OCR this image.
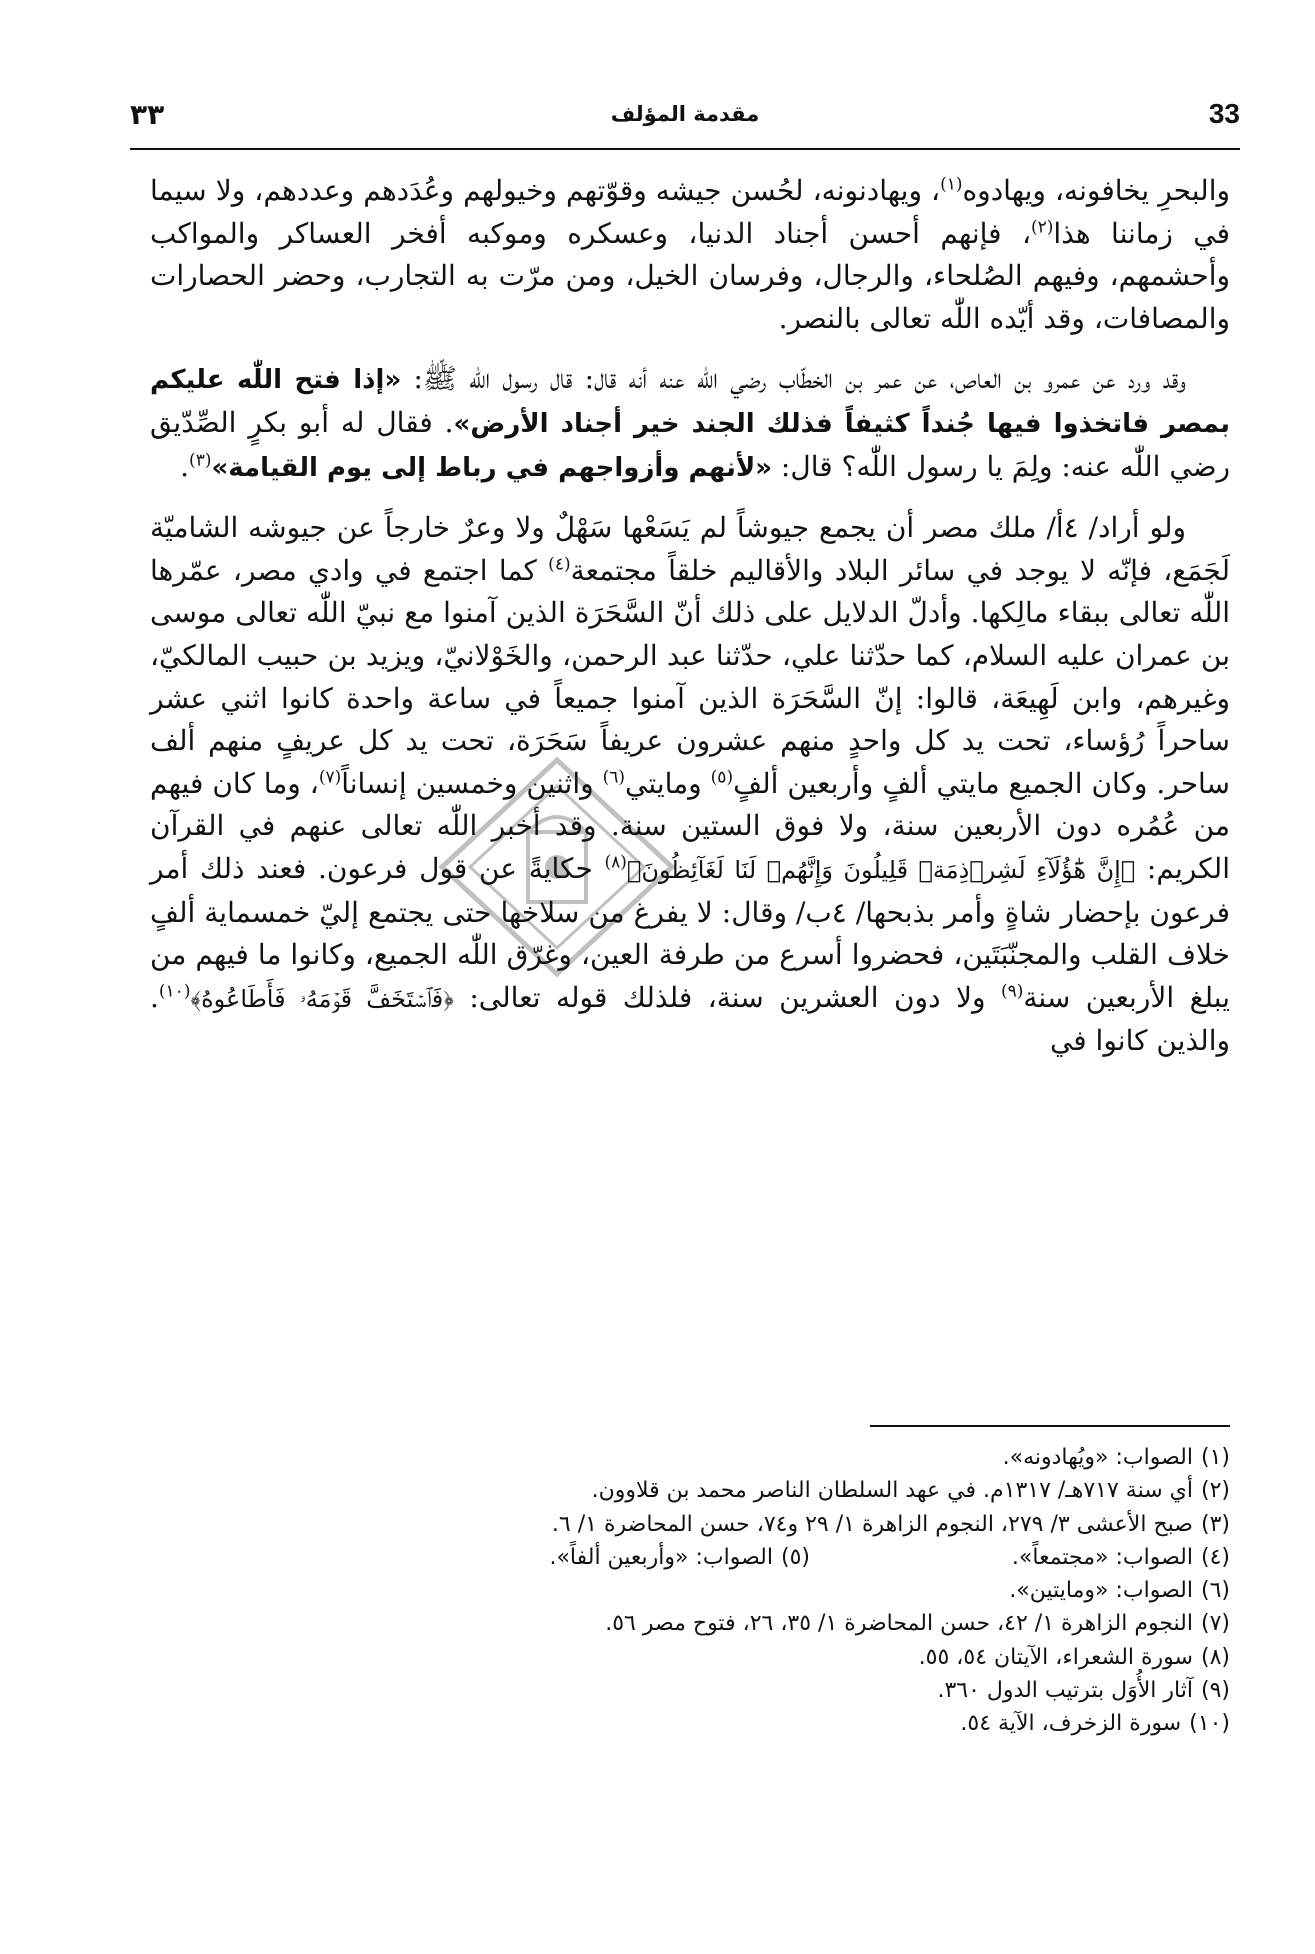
٣٣	مقدمة المؤلف	33

والبحرِ يخافونه، ويهادوه$^{(١)}$، ويهادنونه، لحُسن جيشه وقوّتهم وخيولهم وعُدَدهم وعددهم، ولا سيما في زماننا هذا$^{(٢)}$، فإنهم أحسن أجناد الدنيا، وعسكره وموكبه أفخر العساكر والمواكب وأحشمهم، وفيهم الصُلحاء، والرجال، وفرسان الخيل، ومن مرّت به التجارب، وحضر الحصارات والمصافات، وقد أيّده اللّٰه تعالى بالنصر.

وقد ورد عن عمرو بن العاص، عن عمر بن الخطّاب رضي اللّٰه عنه أنه قال: قال رسول اللّٰه ﷺ: «إذا فتح اللّٰه عليكم بمصر فاتخذوا فيها جُنداً كثيفاً فذلك الجند خير أجناد الأرض». فقال له أبو بكرٍ الصِّدّيق رضي اللّٰه عنه: ولِمَ يا رسول اللّٰه؟ قال: «لأنهم وأزواجهم في رباط إلى يوم القيامة»$^{(٣)}$.

ولو أراد/ ٤أ/ ملك مصر أن يجمع جيوشاً لم يَسَعْها سَهْلٌ ولا وعرٌ خارجاً عن جيوشه الشاميّة لَجَمَع، فإنّه لا يوجد في سائر البلاد والأقاليم خلقاً مجتمعة$^{(٤)}$ كما اجتمع في وادي مصر، عمّرها اللّٰه تعالى ببقاء مالِكها. وأدلّ الدلايل على ذلك أنّ السَّحَرَة الذين آمنوا مع نبيّ اللّٰه تعالى موسى بن عمران عليه السلام، كما حدّثنا علي، حدّثنا عبد الرحمن، والخَوْلانيّ، ويزيد بن حبيب المالكيّ، وغيرهم، وابن لَهِيعَة، قالوا: إنّ السَّحَرَة الذين آمنوا جميعاً في ساعة واحدة كانوا اثني عشر ساحراً رُؤساء، تحت يد كل واحدٍ منهم عشرون عريفاً سَحَرَة، تحت يد كل عريفٍ منهم ألف ساحر. وكان الجميع مايتي ألفٍ وأربعين ألفٍ$^{(٥)}$ ومايتي$^{(٦)}$ واثنين وخمسين إنساناً$^{(٧)}$، وما كان فيهم من عُمُره دون الأربعين سنة، ولا فوق الستين سنة. وقد أخبر اللّٰه تعالى عنهم في القرآن الكريم: ﴿إِنَّ هَٰٓؤُلَآءِ لَشِرۡذِمَةٞ قَلِيلُونَ وَإِنَّهُمۡ لَنَا لَغَآئِظُونَ﴾$^{(٨)}$ حكايةً عن قول فرعون. فعند ذلك أمر فرعون بإحضار شاةٍ وأمر بذبحها/ ٤ب/ وقال: لا يفرغ من سلاخها حتى يجتمع إليّ خمسماية ألفٍ خلاف القلب والمجنّبَتَين، فحضروا أسرع من طرفة العين، وغرّق اللّٰه الجميع، وكانوا ما فيهم من يبلغ الأربعين سنة$^{(٩)}$ ولا دون العشرين سنة، فلذلك قوله تعالى: ﴿فَٱسۡتَخَفَّ قَوۡمَهُۥ فَأَطَاعُوهُ﴾$^{(١٠)}$. والذين كانوا في

(١)الصواب: «ويُهادونه».
(٢)أي سنة ٧١٧هـ/ ١٣١٧م. في عهد السلطان الناصر محمد بن قلاوون.
(٣)صبح الأعشى ٣/ ٢٧٩، النجوم الزاهرة ١/ ٢٩ و٧٤، حسن المحاضرة ١/ ٦.
(٤)الصواب: «مجتمعاً».
(٥)الصواب: «وأربعين ألفاً».
(٦)الصواب: «ومايتين».
(٧)النجوم الزاهرة ١/ ٤٢، حسن المحاضرة ١/ ٣٥، ٢٦، فتوح مصر ٥٦.
(٨)سورة الشعراء، الآيتان ٥٤، ٥٥.
(٩)آثار الأُوَل بترتيب الدول ٣٦٠.
(١٠)سورة الزخرف، الآية ٥٤.
